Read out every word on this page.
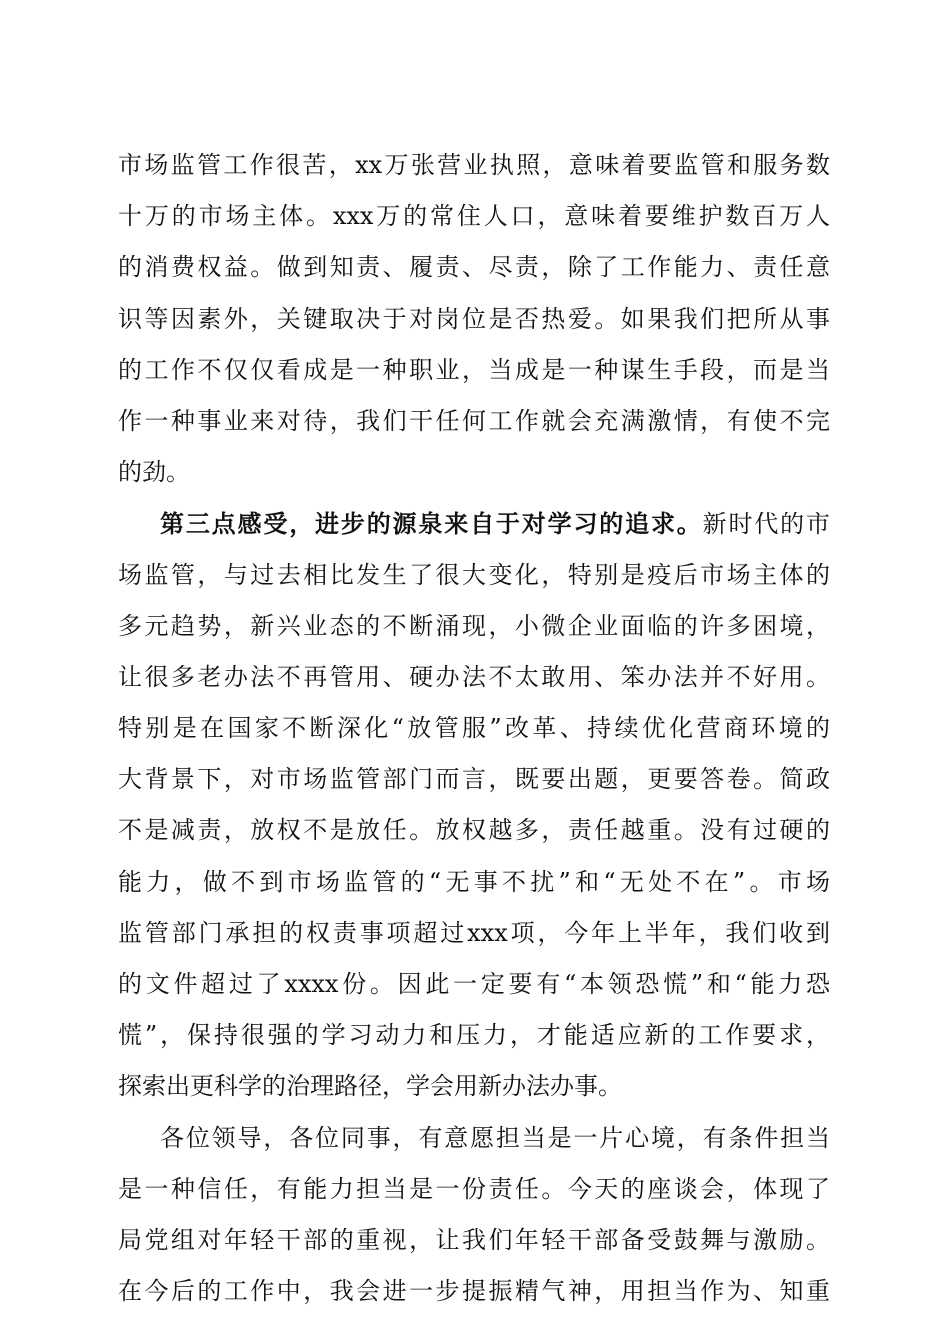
市场监管工作很苦，xx万张营业执照，意味着要监管和服务数
十万的市场主体。xxx万的常住人口，意味着要维护数百万人
的消费权益。做到知责、履责、尽责，除了工作能力、责任意
识等因素外，关键取决于对岗位是否热爱。如果我们把所从事
的工作不仅仅看成是一种职业，当成是一种谋生手段，而是当
作一种事业来对待，我们干任何工作就会充满激情，有使不完
的劲。
第三点感受，进步的源泉来自于对学习的追求。新时代的市
场监管，与过去相比发生了很大变化，特别是疫后市场主体的
多元趋势，新兴业态的不断涌现，小微企业面临的许多困境，
让很多老办法不再管用、硬办法不太敢用、笨办法并不好用。
特别是在国家不断深化“放管服”改革、持续优化营商环境的
大背景下，对市场监管部门而言，既要出题，更要答卷。简政
不是减责，放权不是放任。放权越多，责任越重。没有过硬的
能力，做不到市场监管的“无事不扰”和“无处不在”。市场
监管部门承担的权责事项超过xxx项，今年上半年，我们收到
的文件超过了xxxx份。因此一定要有“本领恐慌”和“能力恐
慌”，保持很强的学习动力和压力，才能适应新的工作要求，
探索出更科学的治理路径，学会用新办法办事。
各位领导，各位同事，有意愿担当是一片心境，有条件担当
是一种信任，有能力担当是一份责任。今天的座谈会，体现了
局党组对年轻干部的重视，让我们年轻干部备受鼓舞与激励。
在今后的工作中，我会进一步提振精气神，用担当作为、知重
